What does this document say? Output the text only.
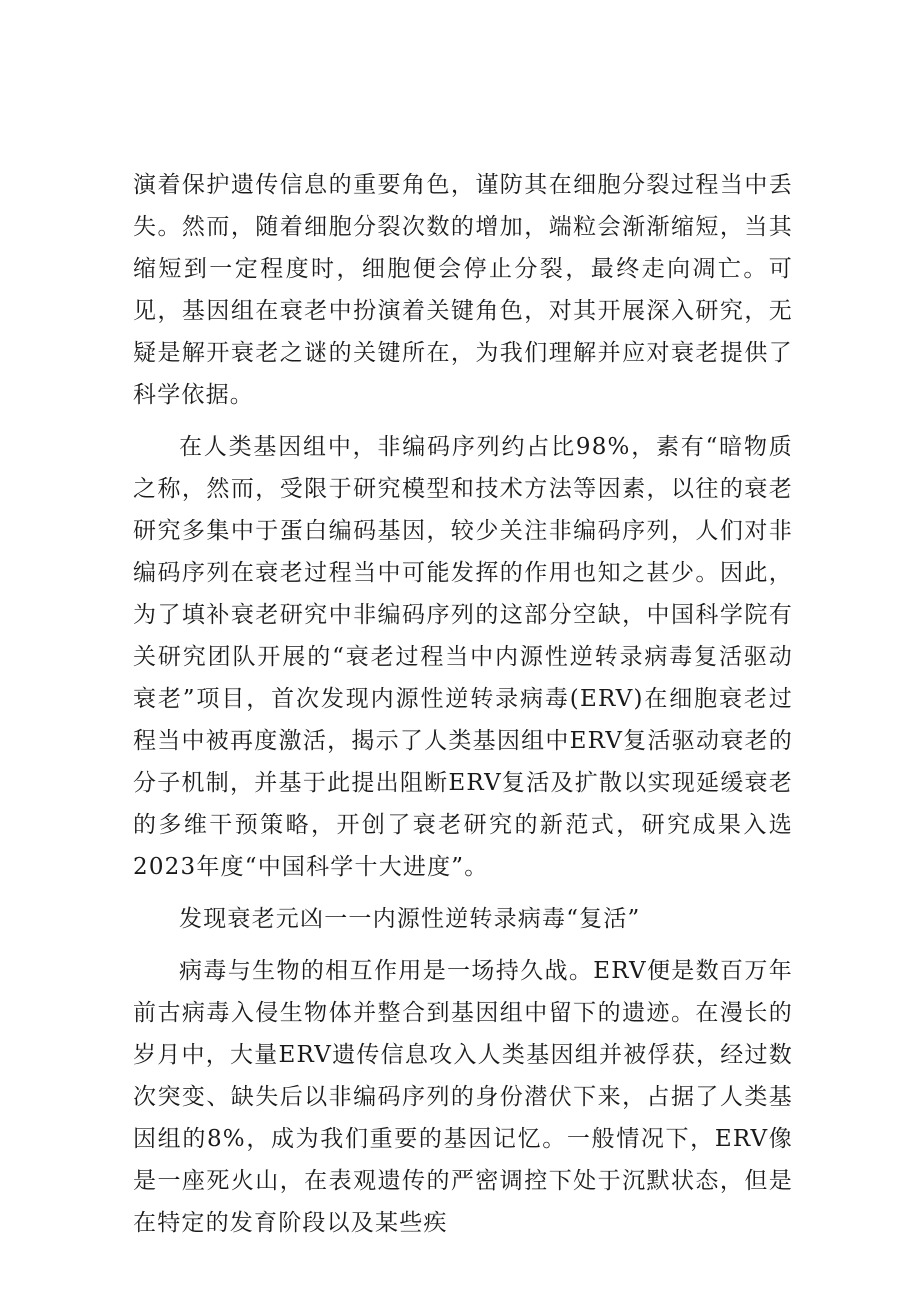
演着保护遗传信息的重要角色，谨防其在细胞分裂过程当中丢失。然而，随着细胞分裂次数的增加，端粒会渐渐缩短，当其缩短到一定程度时，细胞便会停止分裂，最终走向凋亡。可见，基因组在衰老中扮演着关键角色，对其开展深入研究，无疑是解开衰老之谜的关键所在，为我们理解并应对衰老提供了科学依据。

在人类基因组中，非编码序列约占比98%，素有“暗物质之称，然而，受限于研究模型和技术方法等因素，以往的衰老研究多集中于蛋白编码基因，较少关注非编码序列，人们对非编码序列在衰老过程当中可能发挥的作用也知之甚少。因此，为了填补衰老研究中非编码序列的这部分空缺，中国科学院有关研究团队开展的“衰老过程当中内源性逆转录病毒复活驱动衰老”项目，首次发现内源性逆转录病毒(ERV)在细胞衰老过程当中被再度激活，揭示了人类基因组中ERV复活驱动衰老的分子机制，并基于此提出阻断ERV复活及扩散以实现延缓衰老的多维干预策略，开创了衰老研究的新范式，研究成果入选2023年度“中国科学十大进度”。

发现衰老元凶一一内源性逆转录病毒“复活”

病毒与生物的相互作用是一场持久战。ERV便是数百万年前古病毒入侵生物体并整合到基因组中留下的遗迹。在漫长的岁月中，大量ERV遗传信息攻入人类基因组并被俘获，经过数次突变、缺失后以非编码序列的身份潜伏下来，占据了人类基因组的8%，成为我们重要的基因记忆。一般情况下，ERV像是一座死火山，在表观遗传的严密调控下处于沉默状态，但是在特定的发育阶段以及某些疾
